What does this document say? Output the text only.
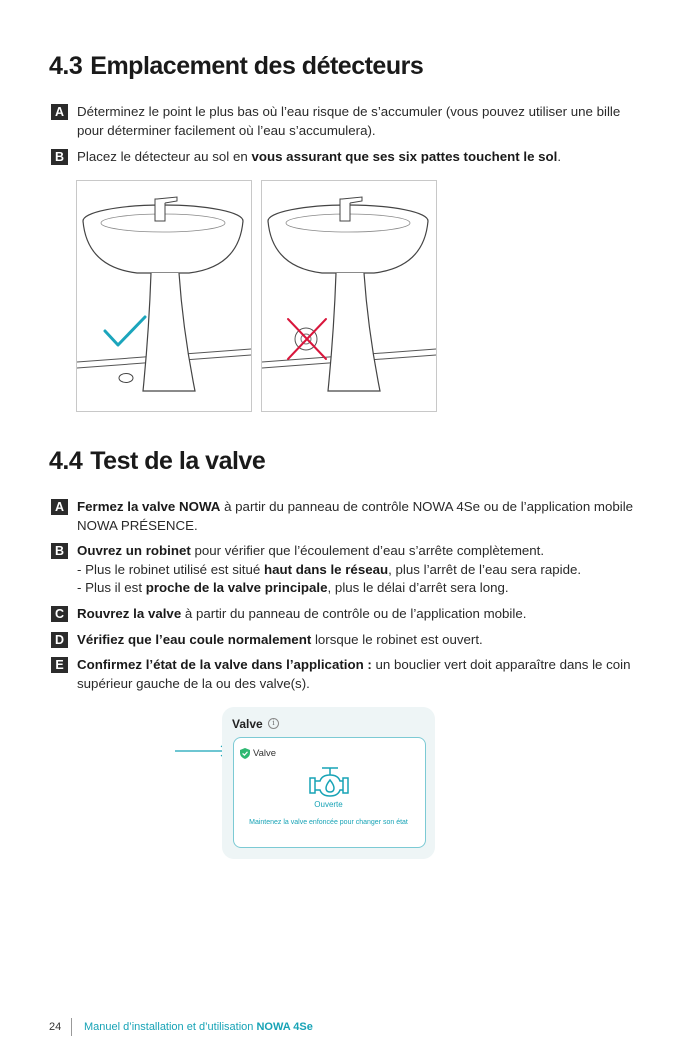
4.3 Emplacement des détecteurs
A Déterminez le point le plus bas où l’eau risque de s’accumuler (vous pouvez utiliser une bille pour déterminer facilement où l’eau s’accumulera).
B Placez le détecteur au sol en vous assurant que ses six pattes touchent le sol.
4.4 Test de la valve
A Fermez la valve NOWA à partir du panneau de contrôle NOWA 4Se ou de l’application mobile NOWA PRÉSENCE.
B Ouvrez un robinet pour vérifier que l’écoulement d’eau s’arrête complètement.
- Plus le robinet utilisé est situé haut dans le réseau, plus l’arrêt de l’eau sera rapide.
- Plus il est proche de la valve principale, plus le délai d’arrêt sera long.
C Rouvrez la valve à partir du panneau de contrôle ou de l’application mobile.
D Vérifiez que l’eau coule normalement lorsque le robinet est ouvert.
E	Confirmez l’état de la valve dans l’application : un bouclier vert doit apparaître dans le coin supérieur gauche de la ou des valve(s).
Valve	i
Valve
Ouverte
Maintenez la valve enfoncée pour changer son état
24 Manuel d’installation et d’utilisation NOWA 4Se
